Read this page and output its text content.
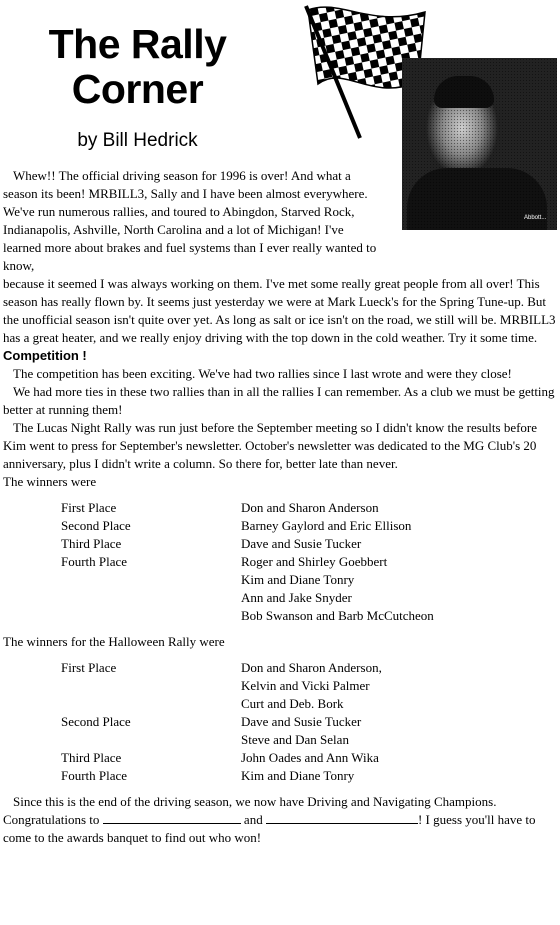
The Rally
Corner
by Bill Hedrick
Abbott...

Whew!! The official driving season for 1996 is over! And what a season its been! MRBILL3, Sally and I have been almost everywhere. We've run numerous rallies, and toured to Abingdon, Starved Rock, Indianapolis, Ashville, North Carolina and a lot of Michigan! I've learned more about brakes and fuel systems than I ever really wanted to know,

because it seemed I was always working on them. I've met some really great people from all over! This season has really flown by. It seems just yesterday we were at Mark Lueck's for the Spring Tune-up. But the unofficial season isn't quite over yet. As long as salt or ice isn't on the road, we still will be. MRBILL3 has a great heater, and we really enjoy driving with the top down in the cold weather. Try it some time.

Competition !

The competition has been exciting. We've had two rallies since I last wrote and were they close!

We had more ties in these two rallies than in all the rallies I can remember. As a club we must be getting better at running them!

The Lucas Night Rally was run just before the September meeting so I didn't know the results before Kim went to press for September's newsletter. October's newsletter was dedicated to the MG Club's 20 anniversary, plus I didn't write a column. So there for, better late than never.

The winners were

First Place	Don and Sharon Anderson
Second Place	Barney Gaylord and Eric Ellison
Third Place	Dave and Susie Tucker
Fourth Place	Roger and Shirley Goebbert
	Kim and Diane Tonry
	Ann and Jake Snyder
	Bob Swanson and Barb McCutcheon

The winners for the Halloween Rally were

First Place	Don and Sharon Anderson,
	Kelvin and Vicki Palmer
	Curt and Deb. Bork
Second Place	Dave and Susie Tucker
	Steve and Dan Selan
Third Place	John Oades and Ann Wika
Fourth Place	Kim and Diane Tonry

Since this is the end of the driving season, we now have Driving and Navigating Champions. Congratulations to	and	! I guess you'll have to come to the awards banquet to find out who won!
